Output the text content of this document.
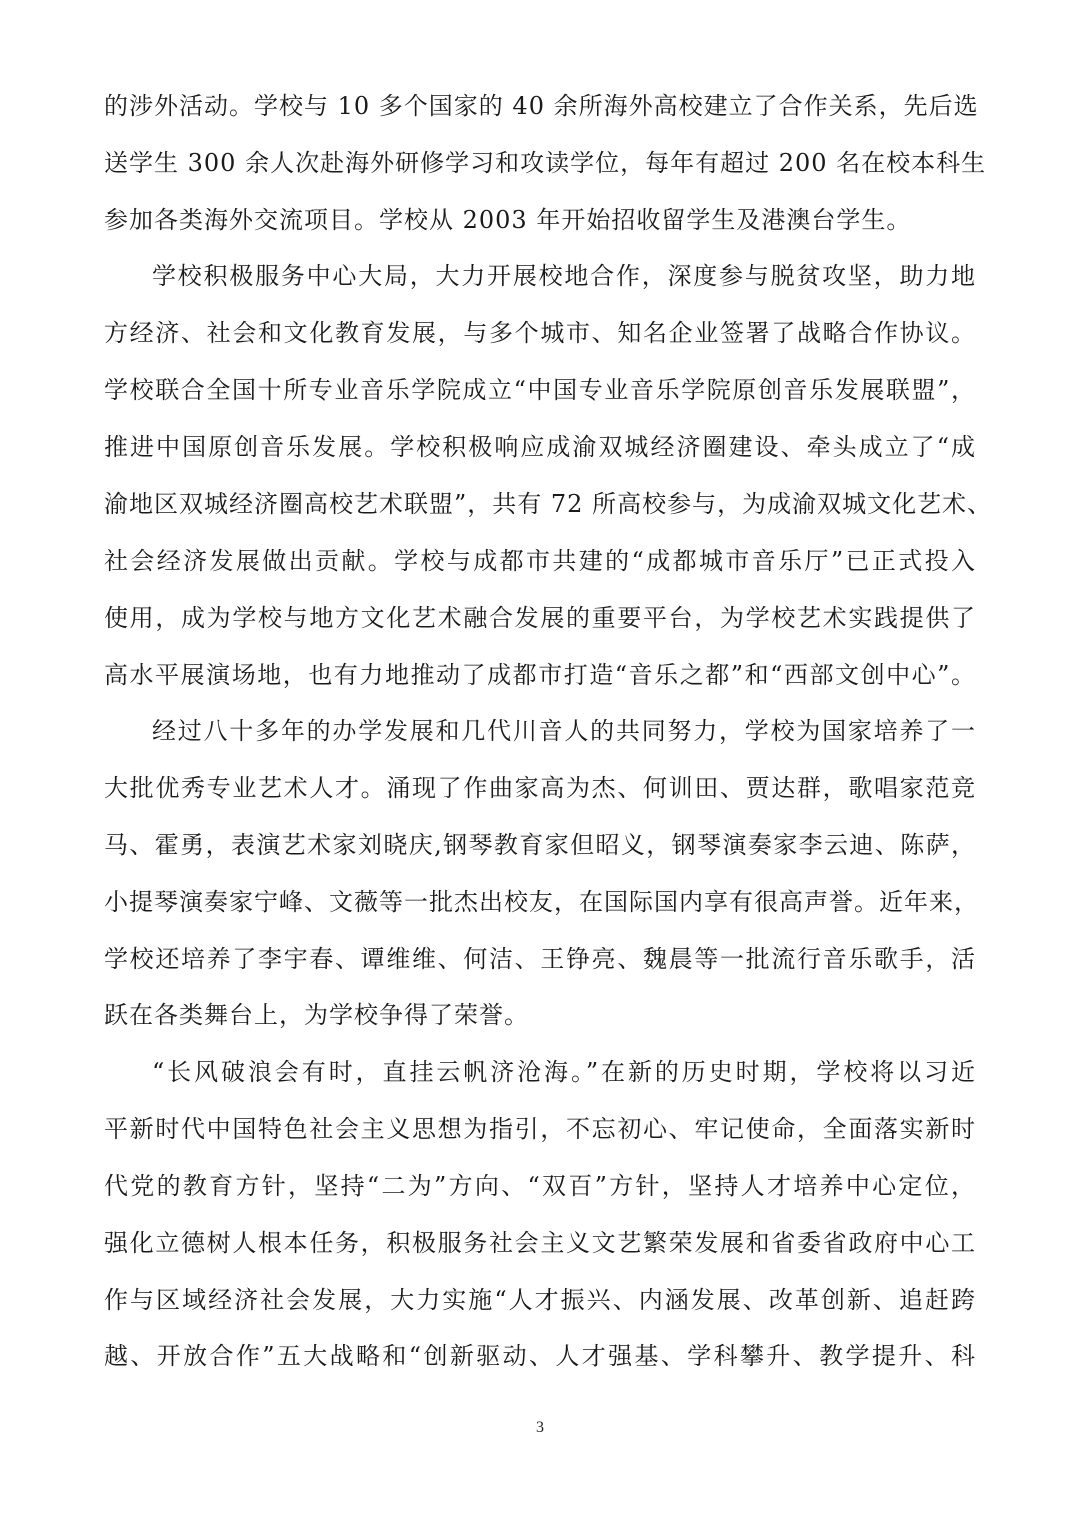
的涉外活动。学校与 10 多个国家的 40 余所海外高校建立了合作关系，先后选
送学生 300 余人次赴海外研修学习和攻读学位，每年有超过 200 名在校本科生
参加各类海外交流项目。学校从 2003 年开始招收留学生及港澳台学生。
学校积极服务中心大局，大力开展校地合作，深度参与脱贫攻坚，助力地
方经济、社会和文化教育发展，与多个城市、知名企业签署了战略合作协议。
学校联合全国十所专业音乐学院成立“中国专业音乐学院原创音乐发展联盟”，
推进中国原创音乐发展。学校积极响应成渝双城经济圈建设、牵头成立了“成
渝地区双城经济圈高校艺术联盟”，共有 72 所高校参与，为成渝双城文化艺术、
社会经济发展做出贡献。学校与成都市共建的“成都城市音乐厅”已正式投入
使用，成为学校与地方文化艺术融合发展的重要平台，为学校艺术实践提供了
高水平展演场地，也有力地推动了成都市打造“音乐之都”和“西部文创中心”。
经过八十多年的办学发展和几代川音人的共同努力，学校为国家培养了一
大批优秀专业艺术人才。涌现了作曲家高为杰、何训田、贾达群，歌唱家范竞
马、霍勇，表演艺术家刘晓庆,钢琴教育家但昭义，钢琴演奏家李云迪、陈萨，
小提琴演奏家宁峰、文薇等一批杰出校友，在国际国内享有很高声誉。近年来，
学校还培养了李宇春、谭维维、何洁、王铮亮、魏晨等一批流行音乐歌手，活
跃在各类舞台上，为学校争得了荣誉。
“长风破浪会有时，直挂云帆济沧海。”在新的历史时期，学校将以习近
平新时代中国特色社会主义思想为指引，不忘初心、牢记使命，全面落实新时
代党的教育方针，坚持“二为”方向、“双百”方针，坚持人才培养中心定位，
强化立德树人根本任务，积极服务社会主义文艺繁荣发展和省委省政府中心工
作与区域经济社会发展，大力实施“人才振兴、内涵发展、改革创新、追赶跨
越、开放合作”五大战略和“创新驱动、人才强基、学科攀升、教学提升、科
3
